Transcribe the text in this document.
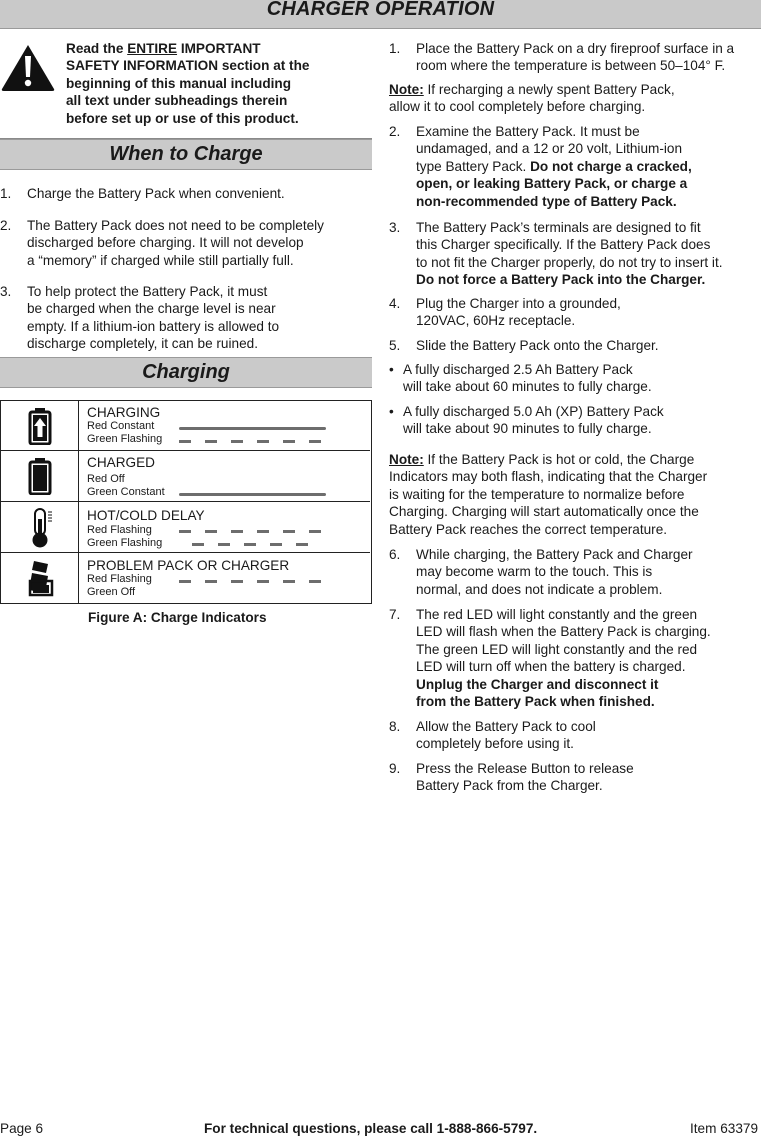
CHARGER OPERATION
Read the ENTIRE IMPORTANT
SAFETY INFORMATION section at the
beginning of this manual including
all text under subheadings therein
before set up or use of this product.
When to Charge
1. Charge the Battery Pack when convenient.
2. The Battery Pack does not need to be completely
discharged before charging. It will not develop
a “memory” if charged while still partially full.
3. To help protect the Battery Pack, it must
be charged when the charge level is near
empty. If a lithium-ion battery is allowed to
discharge completely, it can be ruined.
Charging
CHARGING
Red Constant
Green Flashing
CHARGED
Red Off
Green Constant
HOT/COLD DELAY
Red Flashing
Green Flashing
PROBLEM PACK OR CHARGER
Red Flashing
Green Off
Figure A: Charge Indicators
1. Place the Battery Pack on a dry fireproof surface in a
room where the temperature is between 50–104° F.
Note: If recharging a newly spent Battery Pack,
allow it to cool completely before charging.
2. Examine the Battery Pack. It must be
undamaged, and a 12 or 20 volt, Lithium-ion
type Battery Pack. Do not charge a cracked,
open, or leaking Battery Pack, or charge a
non-recommended type of Battery Pack.
3. The Battery Pack’s terminals are designed to fit
this Charger specifically. If the Battery Pack does
to not fit the Charger properly, do not try to insert it.
Do not force a Battery Pack into the Charger.
4. Plug the Charger into a grounded,
120VAC, 60Hz receptacle.
5. Slide the Battery Pack onto the Charger.
• A fully discharged 2.5 Ah Battery Pack
will take about 60 minutes to fully charge.
• A fully discharged 5.0 Ah (XP) Battery Pack
will take about 90 minutes to fully charge.
Note: If the Battery Pack is hot or cold, the Charge
Indicators may both flash, indicating that the Charger
is waiting for the temperature to normalize before
Charging. Charging will start automatically once the
Battery Pack reaches the correct temperature.
6. While charging, the Battery Pack and Charger
may become warm to the touch. This is
normal, and does not indicate a problem.
7. The red LED will light constantly and the green
LED will flash when the Battery Pack is charging.
The green LED will light constantly and the red
LED will turn off when the battery is charged.
Unplug the Charger and disconnect it
from the Battery Pack when finished.
8. Allow the Battery Pack to cool
completely before using it.
9. Press the Release Button to release
Battery Pack from the Charger.
Page 6	For technical questions, please call 1-888-866-5797.	Item 63379
